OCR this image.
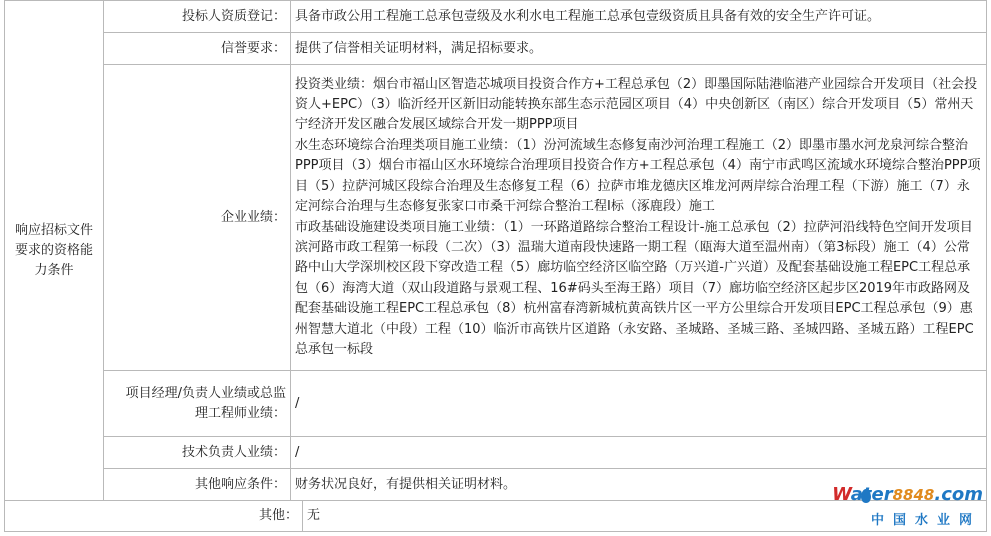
响应招标文件要求的资格能力条件	投标人资质登记：	具备市政公用工程施工总承包壹级及水利水电工程施工总承包壹级资质且具备有效的安全生产许可证。	
	信誉要求：	提供了信誉相关证明材料，满足招标要求。	
	企业业绩：	投资类业绩：烟台市福山区智造芯城项目投资合作方+工程总承包（2）即墨国际陆港临港产业园综合开发项目（社会投资人+EPC）（3）临沂经开区新旧动能转换东部生态示范园区项目（4）中央创新区（南区）综合开发项目（5）常州天宁经济开发区融合发展区域综合开发一期PPP项目
水生态环境综合治理类项目施工业绩：（1）汾河流域生态修复南沙河治理工程施工（2）即墨市墨水河龙泉河综合整治PPP项目（3）烟台市福山区水环境综合治理项目投资合作方+工程总承包（4）南宁市武鸣区流域水环境综合整治PPP项目（5）拉萨河城区段综合治理及生态修复工程（6）拉萨市堆龙德庆区堆龙河两岸综合治理工程（下游）施工（7）永定河综合治理与生态修复张家口市桑干河综合整治工程I标（涿鹿段）施工
市政基础设施建设类项目施工业绩：（1）一环路道路综合整治工程设计-施工总承包（2）拉萨河沿线特色空间开发项目滨河路市政工程第一标段（二次）（3）温瑞大道南段快速路一期工程（瓯海大道至温州南）（第3标段）施工（4）公常路中山大学深圳校区段下穿改造工程（5）廊坊临空经济区临空路（万兴道-广兴道）及配套基础设施工程EPC工程总承包（6）海湾大道（双山段道路与景观工程、16#码头至海王路）项目（7）廊坊临空经济区起步区2019年市政路网及配套基础设施工程EPC工程总承包（8）杭州富春湾新城杭黄高铁片区一平方公里综合开发项目EPC工程总承包（9）惠州智慧大道北（中段）工程（10）临沂市高铁片区道路（永安路、圣城路、圣城三路、圣城四路、圣城五路）工程EPC总承包一标段	

	项目经理/负责人业绩或总监理工程师业绩：	/	
	技术负责人业绩：	/	
	其他响应条件：	财务状况良好，有提供相关证明材料。	
其他：			无
Water8848.com
中国水业网
